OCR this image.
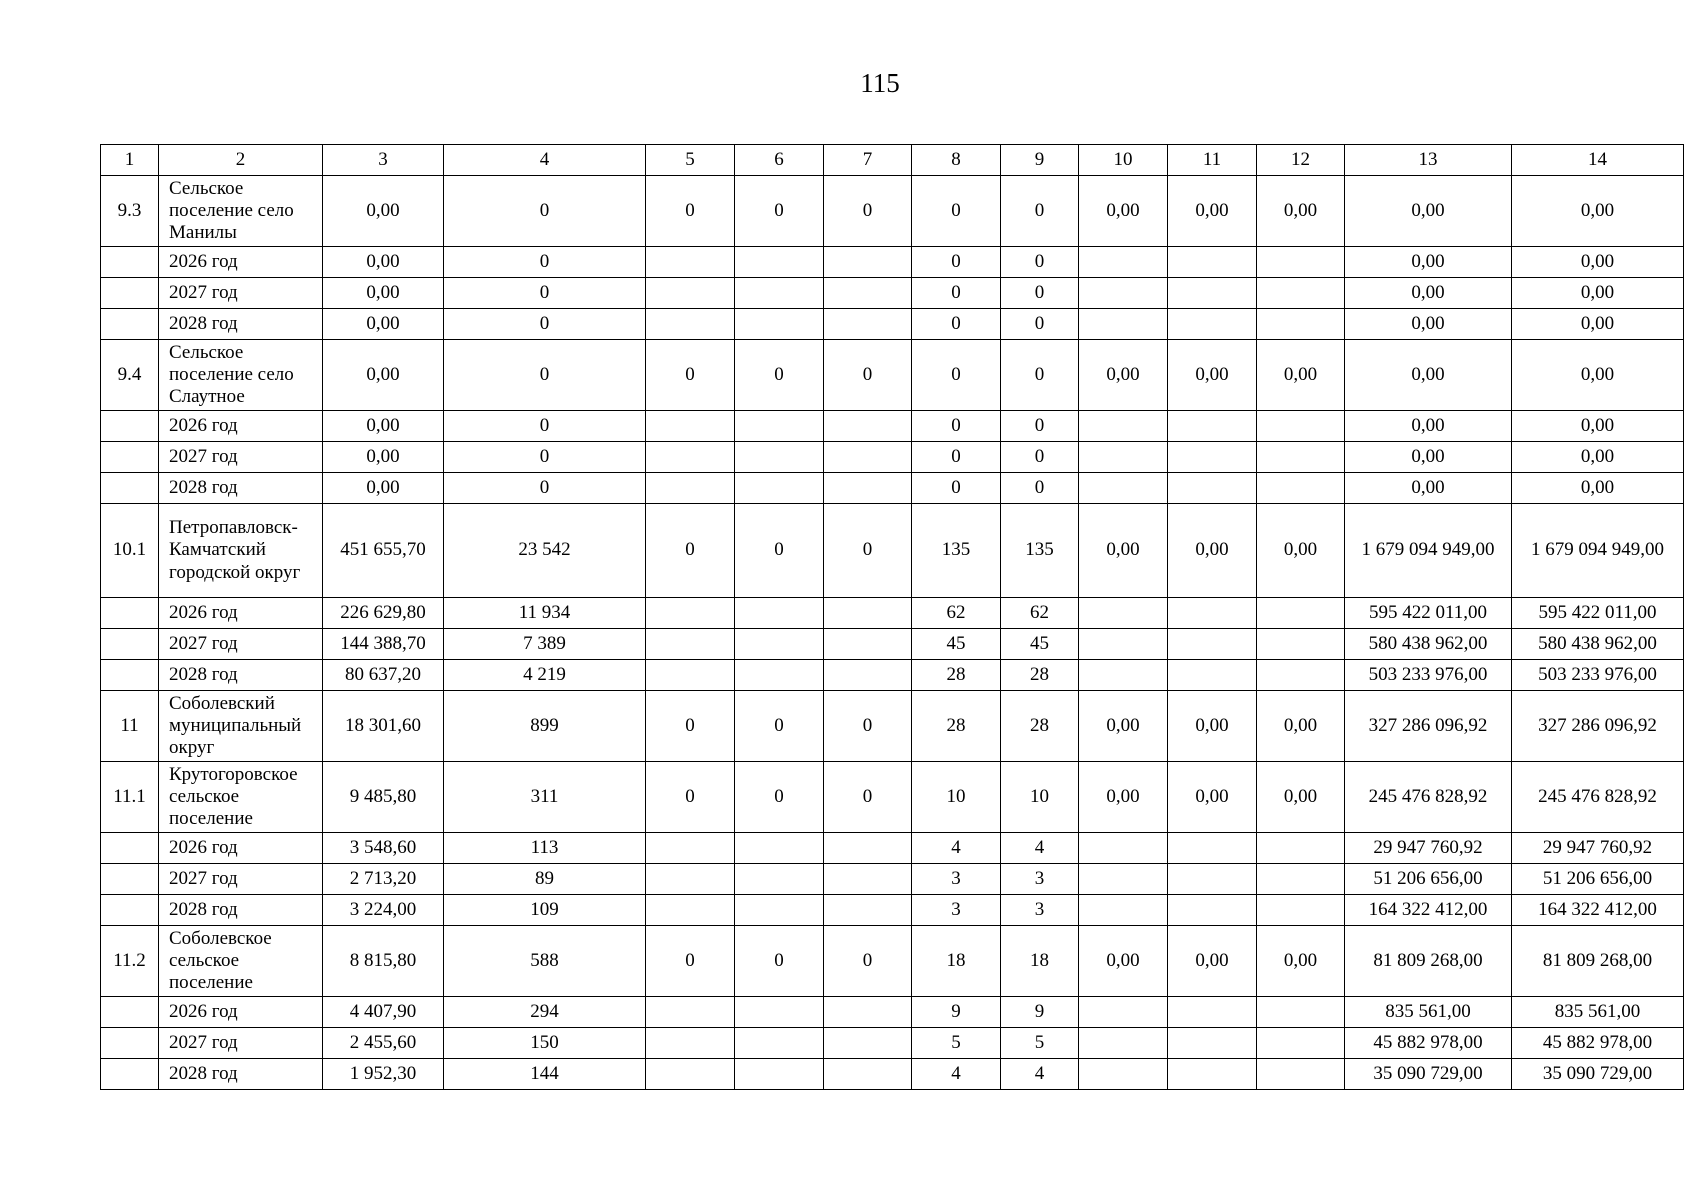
115
1	2	3	4	5	6	7	8	9	10	11	12	13	14
9.3	Сельское поселение село Манилы	0,00	0	0	0	0	0	0	0,00	0,00	0,00	0,00	0,00
	2026 год	0,00	0				0	0				0,00	0,00
	2027 год	0,00	0				0	0				0,00	0,00
	2028 год	0,00	0				0	0				0,00	0,00
9.4	Сельское поселение село Слаутное	0,00	0	0	0	0	0	0	0,00	0,00	0,00	0,00	0,00
	2026 год	0,00	0				0	0				0,00	0,00
	2027 год	0,00	0				0	0				0,00	0,00
	2028 год	0,00	0				0	0				0,00	0,00
10.1	Петропавловск-Камчатский городской округ	451 655,70	23 542	0	0	0	135	135	0,00	0,00	0,00	1 679 094 949,00	1 679 094 949,00
	2026 год	226 629,80	11 934				62	62				595 422 011,00	595 422 011,00
	2027 год	144 388,70	7 389				45	45				580 438 962,00	580 438 962,00
	2028 год	80 637,20	4 219				28	28				503 233 976,00	503 233 976,00
11	Соболевский муниципальный округ	18 301,60	899	0	0	0	28	28	0,00	0,00	0,00	327 286 096,92	327 286 096,92
11.1	Крутогоровское сельское поселение	9 485,80	311	0	0	0	10	10	0,00	0,00	0,00	245 476 828,92	245 476 828,92
	2026 год	3 548,60	113				4	4				29 947 760,92	29 947 760,92
	2027 год	2 713,20	89				3	3				51 206 656,00	51 206 656,00
	2028 год	3 224,00	109				3	3				164 322 412,00	164 322 412,00
11.2	Соболевское сельское поселение	8 815,80	588	0	0	0	18	18	0,00	0,00	0,00	81 809 268,00	81 809 268,00
	2026 год	4 407,90	294				9	9				835 561,00	835 561,00
	2027 год	2 455,60	150				5	5				45 882 978,00	45 882 978,00
	2028 год	1 952,30	144				4	4				35 090 729,00	35 090 729,00
